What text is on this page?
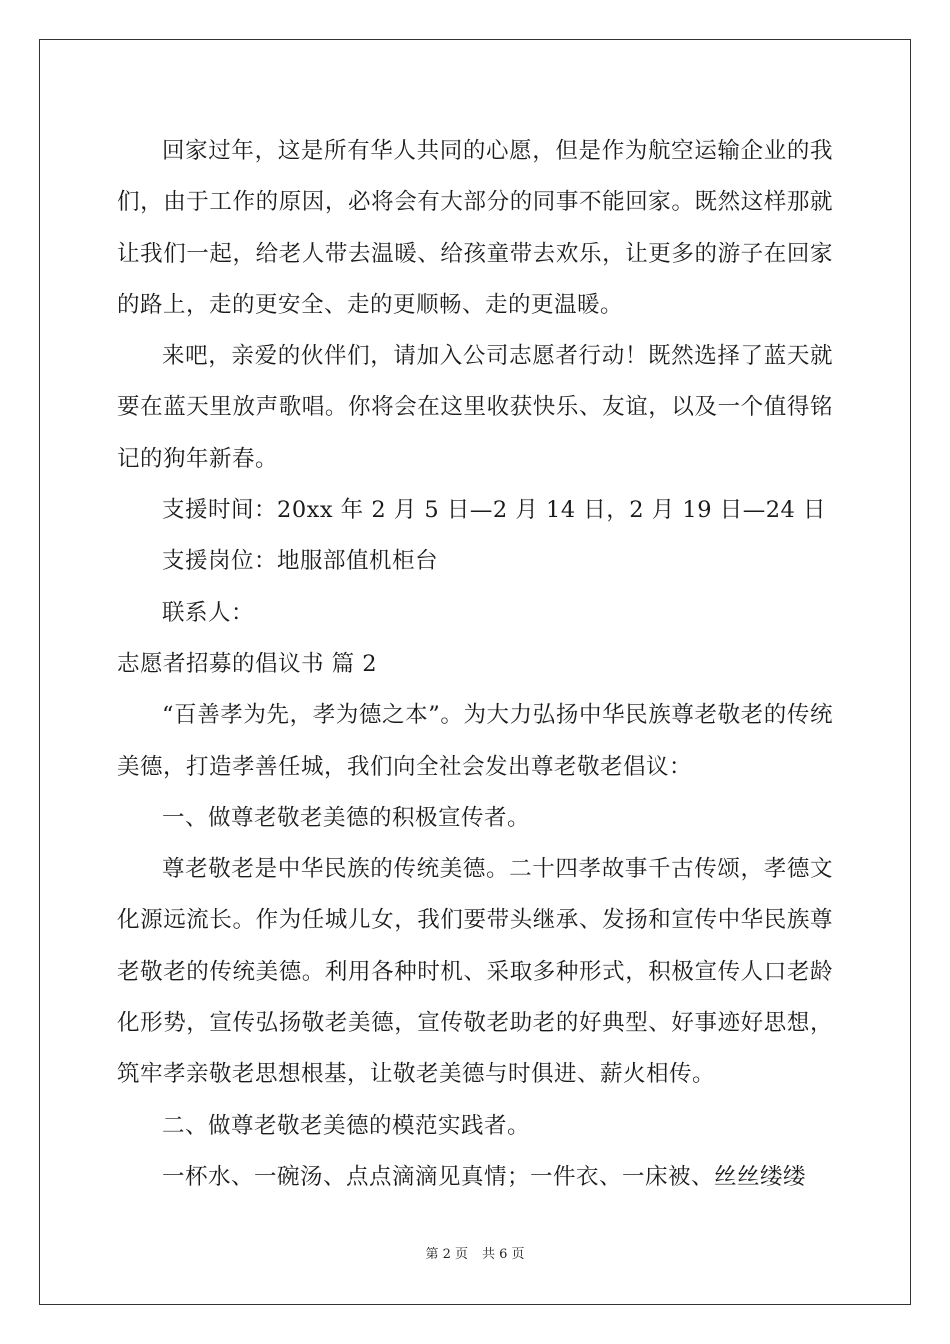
回家过年，这是所有华人共同的心愿，但是作为航空运输企业的我们，由于工作的原因，必将会有大部分的同事不能回家。既然这样那就让我们一起，给老人带去温暖、给孩童带去欢乐，让更多的游子在回家的路上，走的更安全、走的更顺畅、走的更温暖。

来吧，亲爱的伙伴们，请加入公司志愿者行动！既然选择了蓝天就要在蓝天里放声歌唱。你将会在这里收获快乐、友谊，以及一个值得铭记的狗年新春。

支援时间：20xx 年 2 月 5 日—2 月 14 日，2 月 19 日—24 日

支援岗位：地服部值机柜台

联系人：

志愿者招募的倡议书 篇 2

“百善孝为先，孝为德之本”。为大力弘扬中华民族尊老敬老的传统美德，打造孝善任城，我们向全社会发出尊老敬老倡议：

一、做尊老敬老美德的积极宣传者。

尊老敬老是中华民族的传统美德。二十四孝故事千古传颂，孝德文化源远流长。作为任城儿女，我们要带头继承、发扬和宣传中华民族尊老敬老的传统美德。利用各种时机、采取多种形式，积极宣传人口老龄化形势，宣传弘扬敬老美德，宣传敬老助老的好典型、好事迹好思想，筑牢孝亲敬老思想根基，让敬老美德与时俱进、薪火相传。

二、做尊老敬老美德的模范实践者。

一杯水、一碗汤、点点滴滴见真情；一件衣、一床被、丝丝缕缕

第 2 页 共 6 页
